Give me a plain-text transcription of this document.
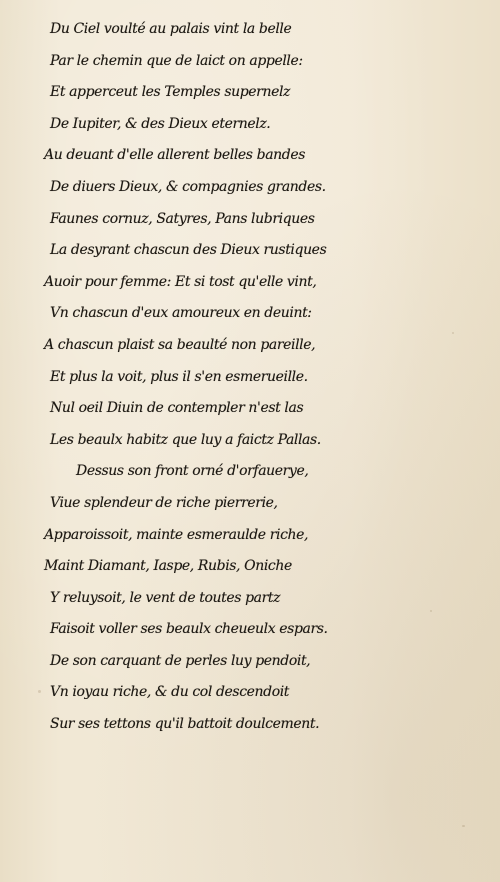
Du Ciel voulté au palais vint la belle
Par le chemin que de laict on appelle:
Et apperceut les Temples supernelz
De Iupiter, & des Dieux eternelz.
Au deuant d'elle allerent belles bandes
De diuers Dieux, & compagnies grandes.
Faunes cornuz, Satyres, Pans lubriques
La desyrant chascun des Dieux rustiques
Auoir pour femme: Et si tost qu'elle vint,
Vn chascun d'eux amoureux en deuint:
A chascun plaist sa beaulté non pareille,
Et plus la voit, plus il s'en esmerueille.
Nul oeil Diuin de contempler n'est las
Les beaulx habitz que luy a faictz Pallas.
Dessus son front orné d'orfauerye,
Viue splendeur de riche pierrerie,
Apparoissoit, mainte esmeraulde riche,
Maint Diamant, Iaspe, Rubis, Oniche
Y reluysoit, le vent de toutes partz
Faisoit voller ses beaulx cheueulx espars.
De son carquant de perles luy pendoit,
Vn ioyau riche, & du col descendoit
Sur ses tettons qu'il battoit doulcement.
